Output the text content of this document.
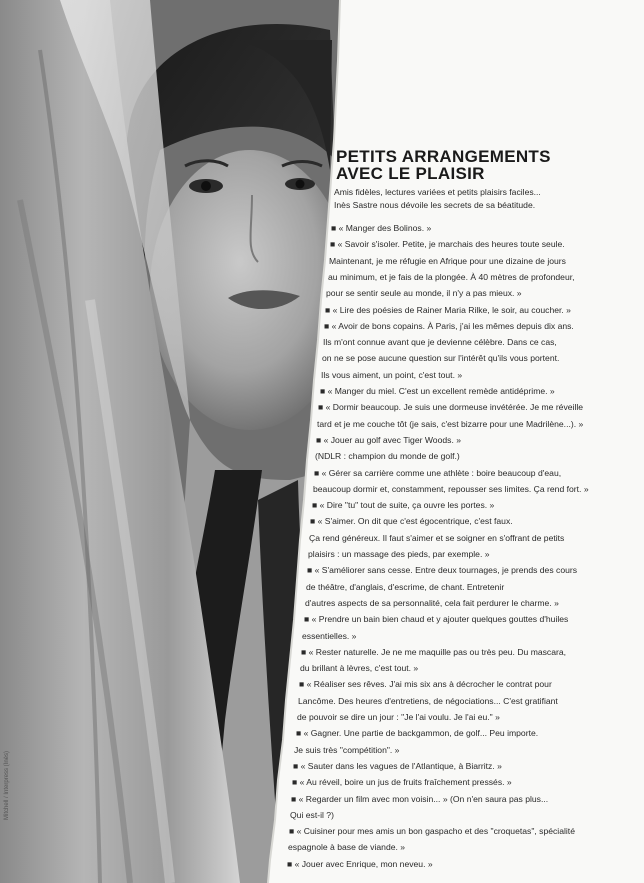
PETITS ARRANGEMENTS
AVEC LE PLAISIR
Amis fidèles, lectures variées et petits plaisirs faciles...
Inès Sastre nous dévoile les secrets de sa béatitude.
■ « Manger des Bolinos. »
■ « Savoir s'isoler. Petite, je marchais des heures toute seule.
Maintenant, je me réfugie en Afrique pour une dizaine de jours
au minimum, et je fais de la plongée. À 40 mètres de profondeur,
pour se sentir seule au monde, il n'y a pas mieux. »
■ « Lire des poésies de Rainer Maria Rilke, le soir, au coucher. »
■ « Avoir de bons copains. À Paris, j'ai les mêmes depuis dix ans.
Ils m'ont connue avant que je devienne célèbre. Dans ce cas,
on ne se pose aucune question sur l'intérêt qu'ils vous portent.
Ils vous aiment, un point, c'est tout. »
■ « Manger du miel. C'est un excellent remède antidéprime. »
■ « Dormir beaucoup. Je suis une dormeuse invétérée. Je me réveille
tard et je me couche tôt (je sais, c'est bizarre pour une Madrilène...). »
■ « Jouer au golf avec Tiger Woods. »
(NDLR : champion du monde de golf.)
■ « Gérer sa carrière comme une athlète : boire beaucoup d'eau,
beaucoup dormir et, constamment, repousser ses limites. Ça rend fort. »
■ « Dire "tu" tout de suite, ça ouvre les portes. »
■ « S'aimer. On dit que c'est égocentrique, c'est faux.
Ça rend généreux. Il faut s'aimer et se soigner en s'offrant de petits
plaisirs : un massage des pieds, par exemple. »
■ « S'améliorer sans cesse. Entre deux tournages, je prends des cours
de théâtre, d'anglais, d'escrime, de chant. Entretenir
d'autres aspects de sa personnalité, cela fait perdurer le charme. »
■ « Prendre un bain bien chaud et y ajouter quelques gouttes d'huiles
essentielles. »
■ « Rester naturelle. Je ne me maquille pas ou très peu. Du mascara,
du brillant à lèvres, c'est tout. »
■ « Réaliser ses rêves. J'ai mis six ans à décrocher le contrat pour
Lancôme. Des heures d'entretiens, de négociations... C'est gratifiant
de pouvoir se dire un jour : "Je l'ai voulu. Je l'ai eu." »
■ « Gagner. Une partie de backgammon, de golf... Peu importe.
Je suis très "compétition". »
■ « Sauter dans les vagues de l'Atlantique, à Biarritz. »
■ « Au réveil, boire un jus de fruits fraîchement pressés. »
■ « Regarder un film avec mon voisin... » (On n'en saura pas plus...
Qui est-il ?)
■ « Cuisiner pour mes amis un bon gaspacho et des "croquetas", spécialité
espagnole à base de viande. »
■ « Jouer avec Enrique, mon neveu. »
Mitchell / Interpress (Inès)
